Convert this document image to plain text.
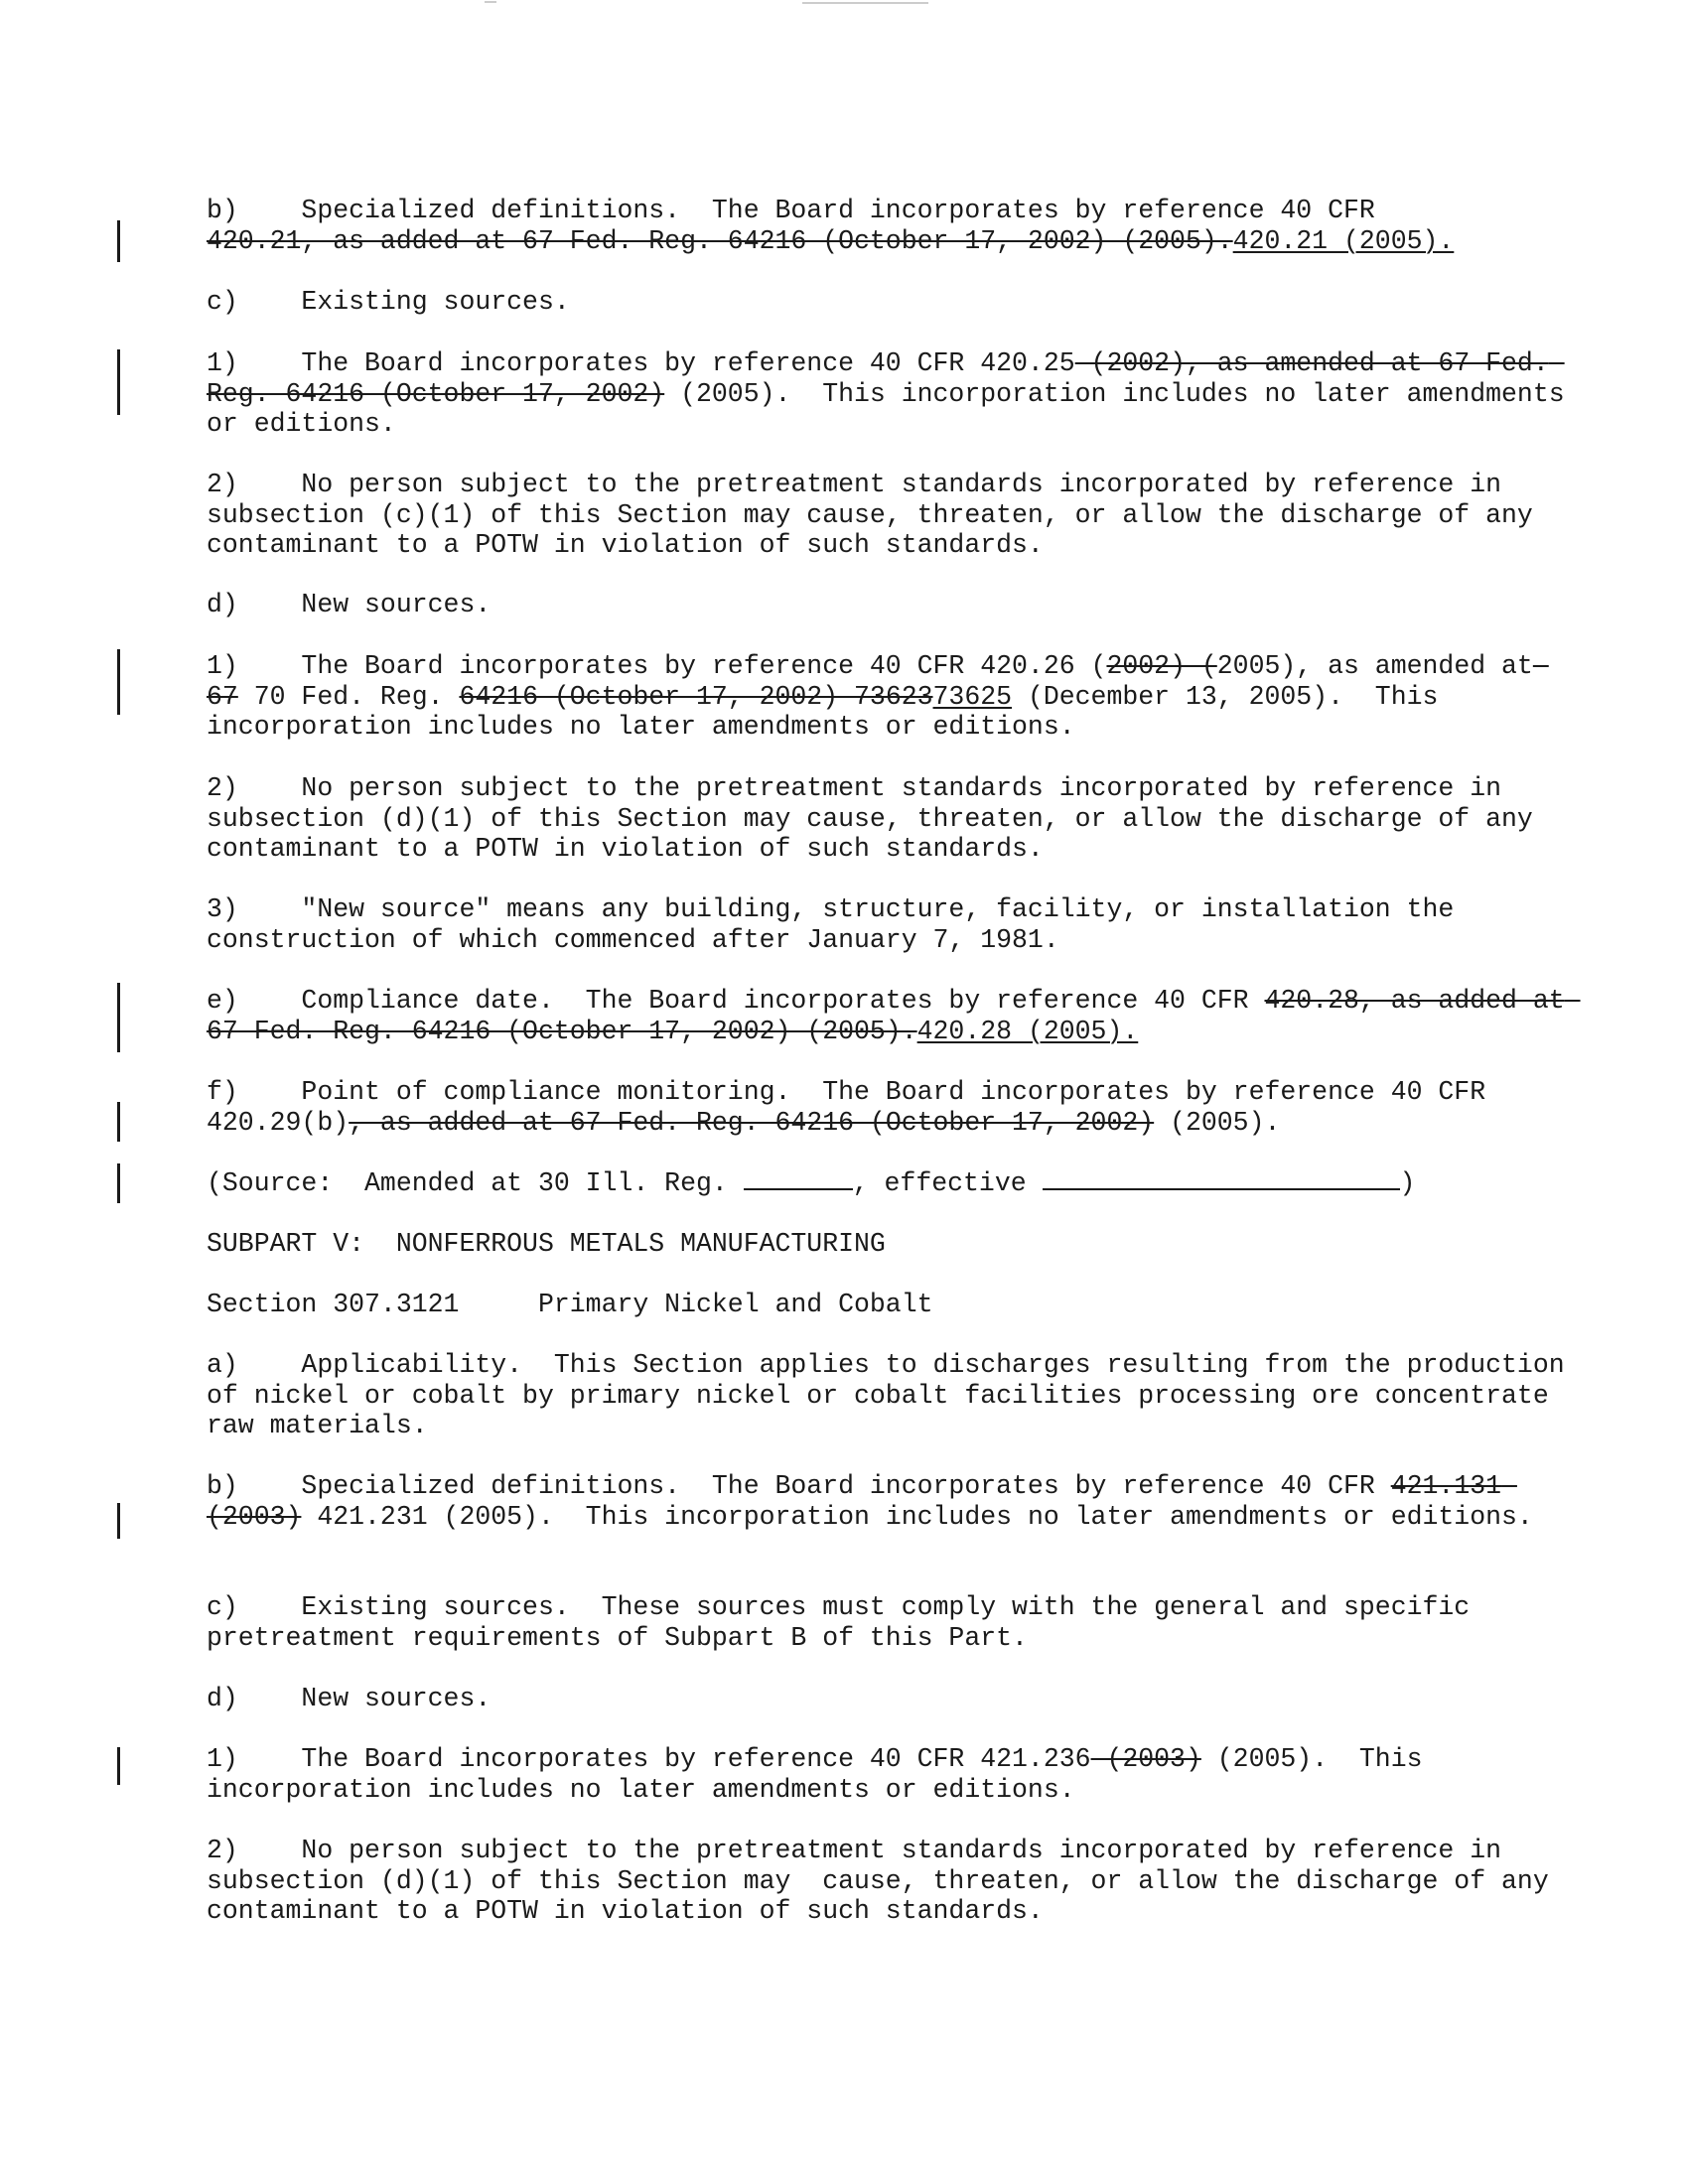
b)    Specialized definitions.  The Board incorporates by reference 40 CFR
420.21, as added at 67 Fed. Reg. 64216 (October 17, 2002) (2005).420.21 (2005).

c)    Existing sources.

1)    The Board incorporates by reference 40 CFR 420.25 (2002), as amended at 67 Fed. Reg. 64216 (October 17, 2002) (2005).  This incorporation includes no later amendments or editions.

2)    No person subject to the pretreatment standards incorporated by reference in subsection (c)(1) of this Section may cause, threaten, or allow the discharge of any contaminant to a POTW in violation of such standards.

d)    New sources.

1)    The Board incorporates by reference 40 CFR 420.26 (2002) (2005), as amended at 67 70 Fed. Reg. 64216 (October 17, 2002) 7362373625 (December 13, 2005).  This incorporation includes no later amendments or editions.

2)    No person subject to the pretreatment standards incorporated by reference in subsection (d)(1) of this Section may cause, threaten, or allow the discharge of any contaminant to a POTW in violation of such standards.

3)    "New source" means any building, structure, facility, or installation the construction of which commenced after January 7, 1981.

e)    Compliance date.  The Board incorporates by reference 40 CFR 420.28, as added at 67 Fed. Reg. 64216 (October 17, 2002) (2005).420.28 (2005).

f)    Point of compliance monitoring.  The Board incorporates by reference 40 CFR 420.29(b), as added at 67 Fed. Reg. 64216 (October 17, 2002) (2005).

(Source:  Amended at 30 Ill. Reg.	, effective	)

SUBPART V:  NONFERROUS METALS MANUFACTURING

Section 307.3121     Primary Nickel and Cobalt

a)    Applicability.  This Section applies to discharges resulting from the production of nickel or cobalt by primary nickel or cobalt facilities processing ore concentrate raw materials.

b)    Specialized definitions.  The Board incorporates by reference 40 CFR 421.131 (2003) 421.231 (2005).  This incorporation includes no later amendments or editions.

c)    Existing sources.  These sources must comply with the general and specific pretreatment requirements of Subpart B of this Part.

d)    New sources.

1)    The Board incorporates by reference 40 CFR 421.236 (2003) (2005).  This incorporation includes no later amendments or editions.

2)    No person subject to the pretreatment standards incorporated by reference in subsection (d)(1) of this Section may  cause, threaten, or allow the discharge of any contaminant to a POTW in violation of such standards.
